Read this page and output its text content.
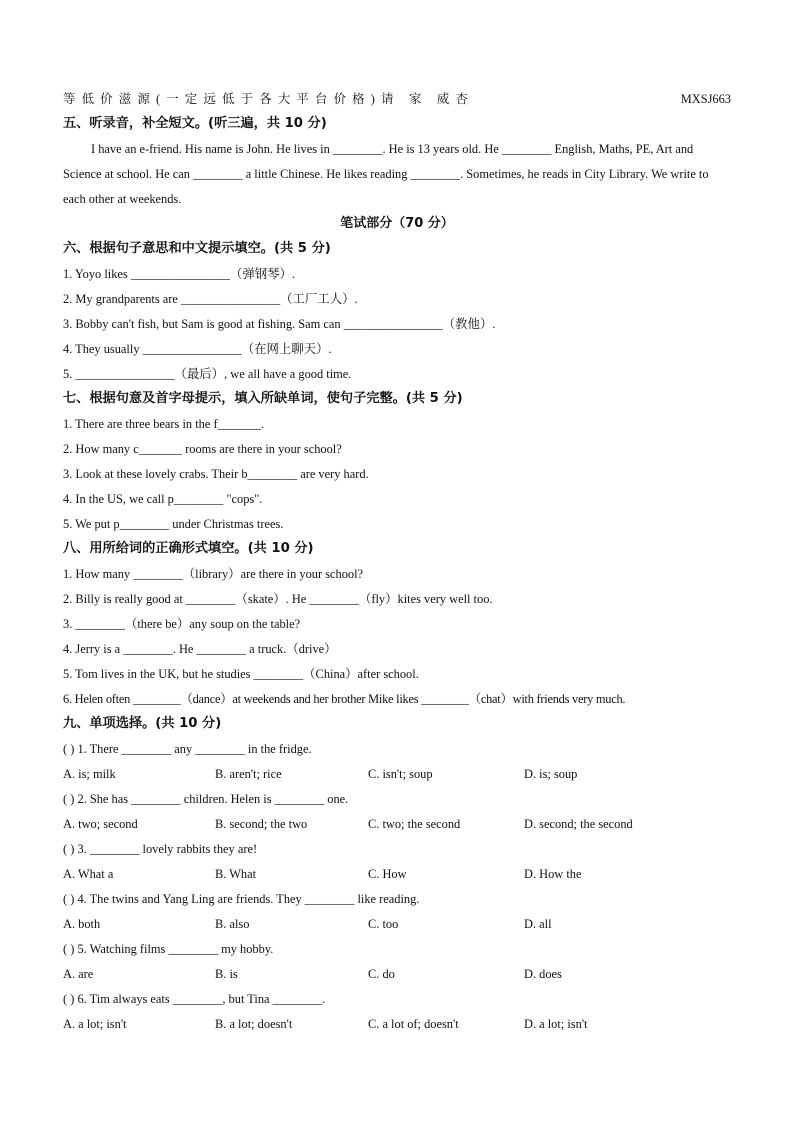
等低价滋源(一定远低于各大平台价格)请 家 威杏	MXSJ663
五、听录音，补全短文。(听三遍，共 10 分)
I have an e-friend. His name is John. He lives in ________. He is 13 years old. He ________ English, Maths, PE, Art and Science at school. He can ________ a little Chinese. He likes reading ________. Sometimes, he reads in City Library. We write to each other at weekends.
笔试部分（70 分）
六、根据句子意思和中文提示填空。(共 5 分)
1. Yoyo likes ________________（弹钢琴）.
2. My grandparents are ________________（工厂工人）.
3. Bobby can't fish, but Sam is good at fishing. Sam can ________________（教他）.
4. They usually ________________（在网上聊天）.
5. ________________（最后）, we all have a good time.
七、根据句意及首字母提示，填入所缺单词，使句子完整。(共 5 分)
1. There are three bears in the f_______.
2. How many c_______ rooms are there in your school?
3. Look at these lovely crabs. Their b________ are very hard.
4. In the US, we call p________ "cops".
5. We put p________ under Christmas trees.
八、用所给词的正确形式填空。(共 10 分)
1. How many ________（library）are there in your school?
2. Billy is really good at ________（skate）. He ________（fly）kites very well too.
3. ________（there be）any soup on the table?
4. Jerry is a ________. He ________ a truck.（drive）
5. Tom lives in the UK, but he studies ________（China）after school.
6. Helen often ________（dance）at weekends and her brother Mike likes ________（chat）with friends very much.
九、单项选择。(共 10 分)
( ) 1. There ________ any ________ in the fridge.
A. is; milk	B. aren't; rice	C. isn't; soup	D. is; soup
( ) 2. She has ________ children. Helen is ________ one.
A. two; second	B. second; the two	C. two; the second	D. second; the second
( ) 3. ________ lovely rabbits they are!
A. What a	B. What	C. How	D. How the
( ) 4. The twins and Yang Ling are friends. They ________ like reading.
A. both	B. also	C. too	D. all
( ) 5. Watching films ________ my hobby.
A. are	B. is	C. do	D. does
( ) 6. Tim always eats ________, but Tina ________.
A. a lot; isn't	B. a lot; doesn't	C. a lot of; doesn't	D. a lot; isn't
